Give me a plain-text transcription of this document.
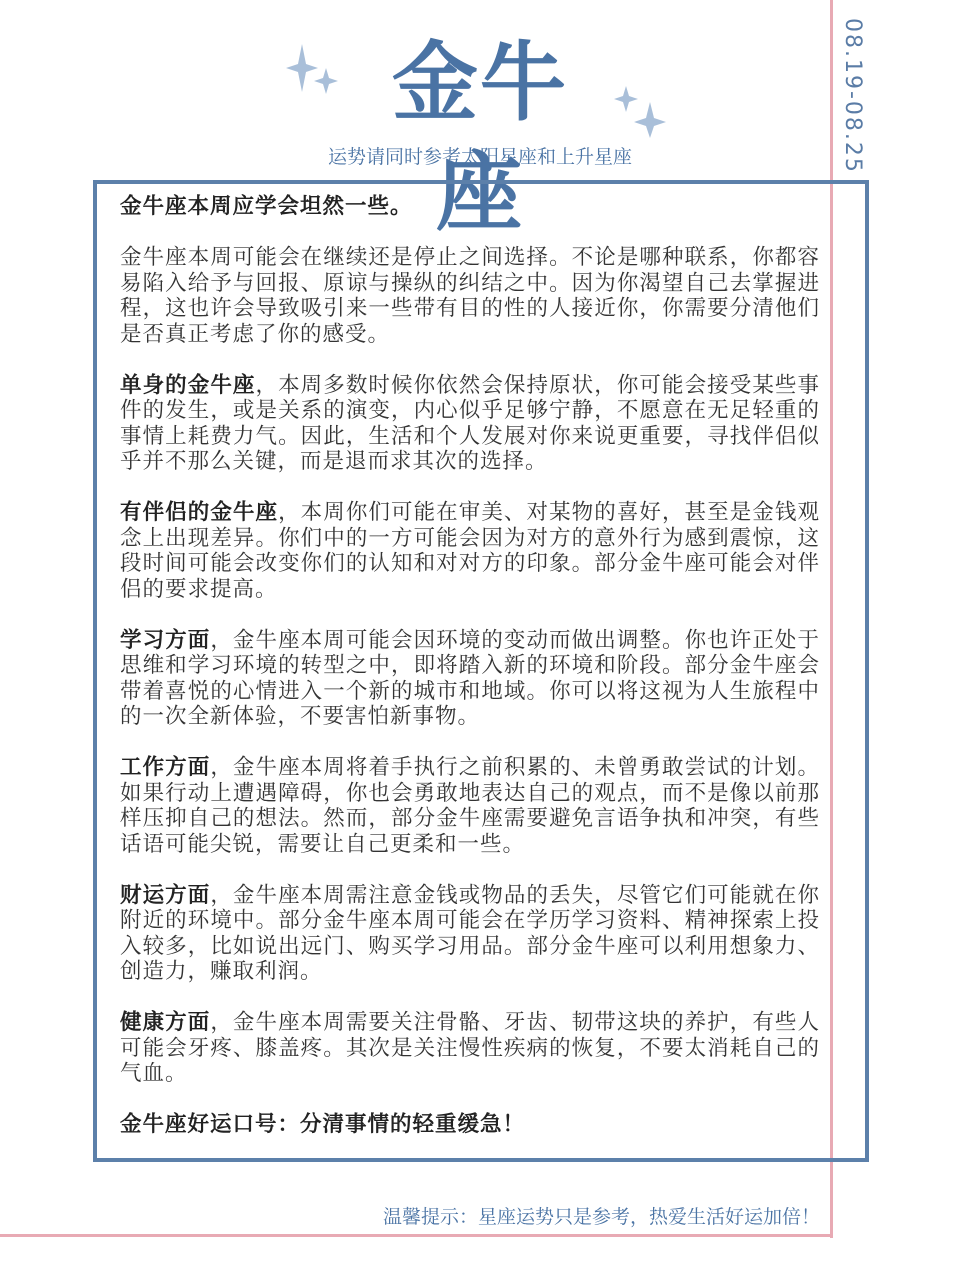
08.19-08.25
金牛座
运势请同时参考太阳星座和上升星座

金牛座本周应学会坦然一些。

金牛座本周可能会在继续还是停止之间选择。不论是哪种联系，你都容易陷入给予与回报、原谅与操纵的纠结之中。因为你渴望自己去掌握进程，这也许会导致吸引来一些带有目的性的人接近你，你需要分清他们是否真正考虑了你的感受。

单身的金牛座，本周多数时候你依然会保持原状，你可能会接受某些事件的发生，或是关系的演变，内心似乎足够宁静，不愿意在无足轻重的事情上耗费力气。因此，生活和个人发展对你来说更重要，寻找伴侣似乎并不那么关键，而是退而求其次的选择。

有伴侣的金牛座，本周你们可能在审美、对某物的喜好，甚至是金钱观念上出现差异。你们中的一方可能会因为对方的意外行为感到震惊，这段时间可能会改变你们的认知和对对方的印象。部分金牛座可能会对伴侣的要求提高。

学习方面，金牛座本周可能会因环境的变动而做出调整。你也许正处于思维和学习环境的转型之中，即将踏入新的环境和阶段。部分金牛座会带着喜悦的心情进入一个新的城市和地域。你可以将这视为人生旅程中的一次全新体验，不要害怕新事物。

工作方面，金牛座本周将着手执行之前积累的、未曾勇敢尝试的计划。如果行动上遭遇障碍，你也会勇敢地表达自己的观点，而不是像以前那样压抑自己的想法。然而，部分金牛座需要避免言语争执和冲突，有些话语可能尖锐，需要让自己更柔和一些。

财运方面，金牛座本周需注意金钱或物品的丢失，尽管它们可能就在你附近的环境中。部分金牛座本周可能会在学历学习资料、精神探索上投入较多，比如说出远门、购买学习用品。部分金牛座可以利用想象力、创造力，赚取利润。

健康方面，金牛座本周需要关注骨骼、牙齿、韧带这块的养护，有些人可能会牙疼、膝盖疼。其次是关注慢性疾病的恢复，不要太消耗自己的气血。

金牛座好运口号：分清事情的轻重缓急！

温馨提示：星座运势只是参考，热爱生活好运加倍！
